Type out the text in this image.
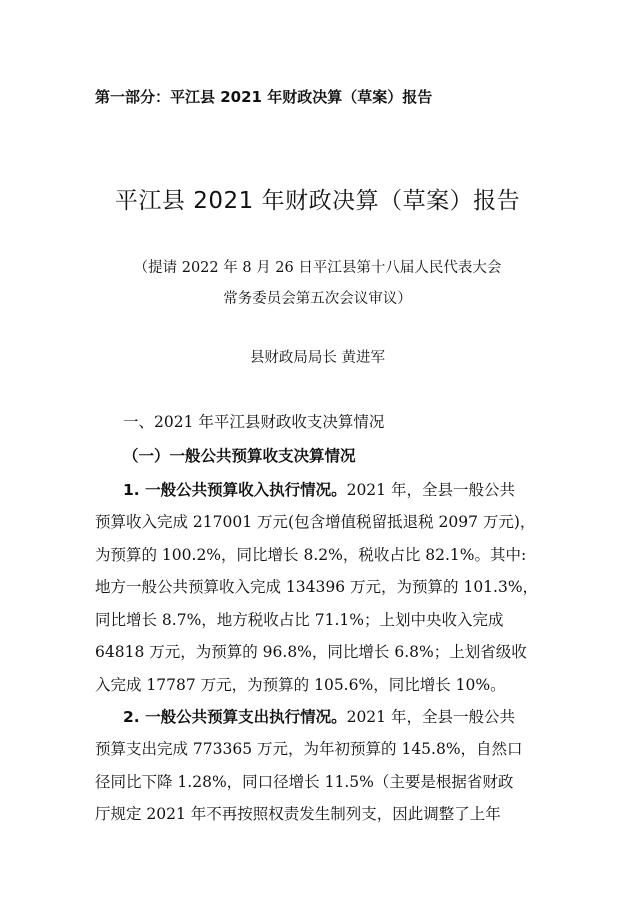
第一部分：平江县 2021 年财政决算（草案）报告
平江县 2021 年财政决算（草案）报告
（提请 2022 年 8 月 26 日平江县第十八届人民代表大会
常务委员会第五次会议审议）
县财政局局长 黄进军
一、2021 年平江县财政收支决算情况
（一）一般公共预算收支决算情况
1. 一般公共预算收入执行情况。2021 年，全县一般公共
预算收入完成 217001 万元(包含增值税留抵退税 2097 万元)，
为预算的 100.2%，同比增长 8.2%，税收占比 82.1%。其中:
地方一般公共预算收入完成 134396 万元，为预算的 101.3%，
同比增长 8.7%，地方税收占比 71.1%；上划中央收入完成
64818 万元，为预算的 96.8%，同比增长 6.8%；上划省级收
入完成 17787 万元，为预算的 105.6%，同比增长 10%。
2. 一般公共预算支出执行情况。2021 年，全县一般公共
预算支出完成 773365 万元，为年初预算的 145.8%，自然口
径同比下降 1.28%，同口径增长 11.5%（主要是根据省财政
厅规定 2021 年不再按照权责发生制列支，因此调整了上年
